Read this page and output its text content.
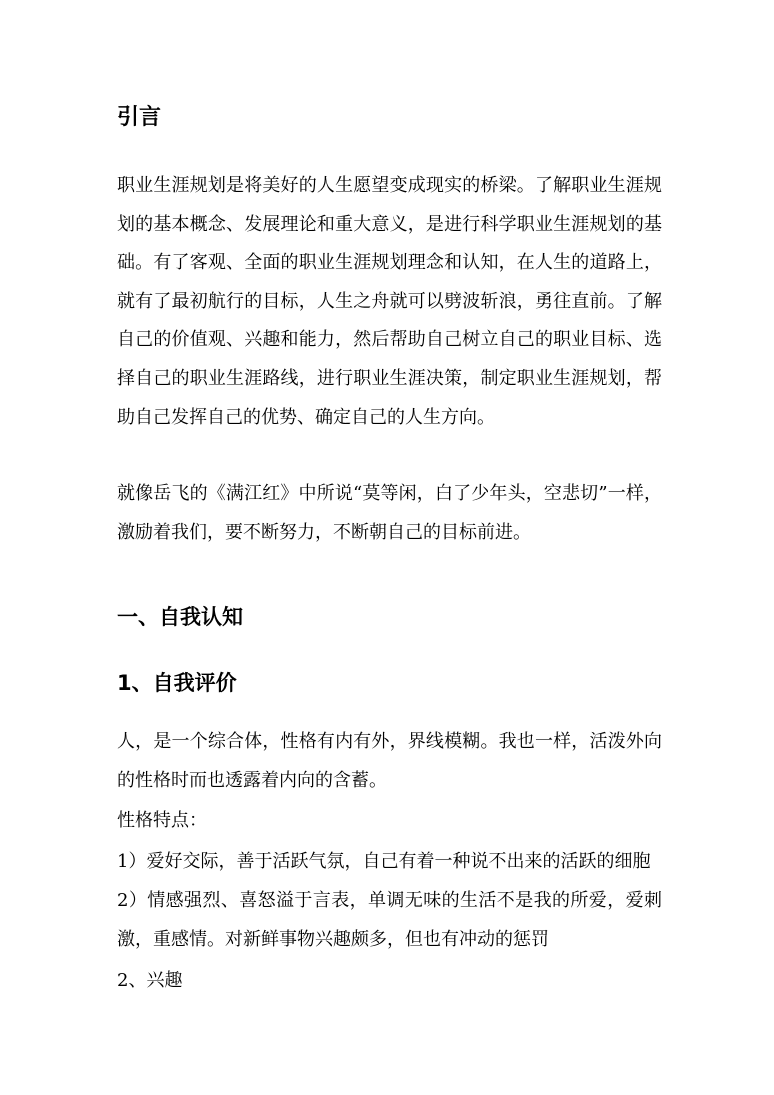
引言

职业生涯规划是将美好的人生愿望变成现实的桥梁。了解职业生涯规划的基本概念、发展理论和重大意义，是进行科学职业生涯规划的基础。有了客观、全面的职业生涯规划理念和认知，在人生的道路上，就有了最初航行的目标，人生之舟就可以劈波斩浪，勇往直前。了解自己的价值观、兴趣和能力，然后帮助自己树立自己的职业目标、选择自己的职业生涯路线，进行职业生涯决策，制定职业生涯规划，帮助自己发挥自己的优势、确定自己的人生方向。

就像岳飞的《满江红》中所说“莫等闲，白了少年头，空悲切”一样，激励着我们，要不断努力，不断朝自己的目标前进。

一、自我认知
1、自我评价

人，是一个综合体，性格有内有外，界线模糊。我也一样，活泼外向的性格时而也透露着内向的含蓄。

性格特点：

1）爱好交际，善于活跃气氛，自己有着一种说不出来的活跃的细胞

2）情感强烈、喜怒溢于言表，单调无味的生活不是我的所爱，爱刺激，重感情。对新鲜事物兴趣颇多，但也有冲动的惩罚

2、兴趣
